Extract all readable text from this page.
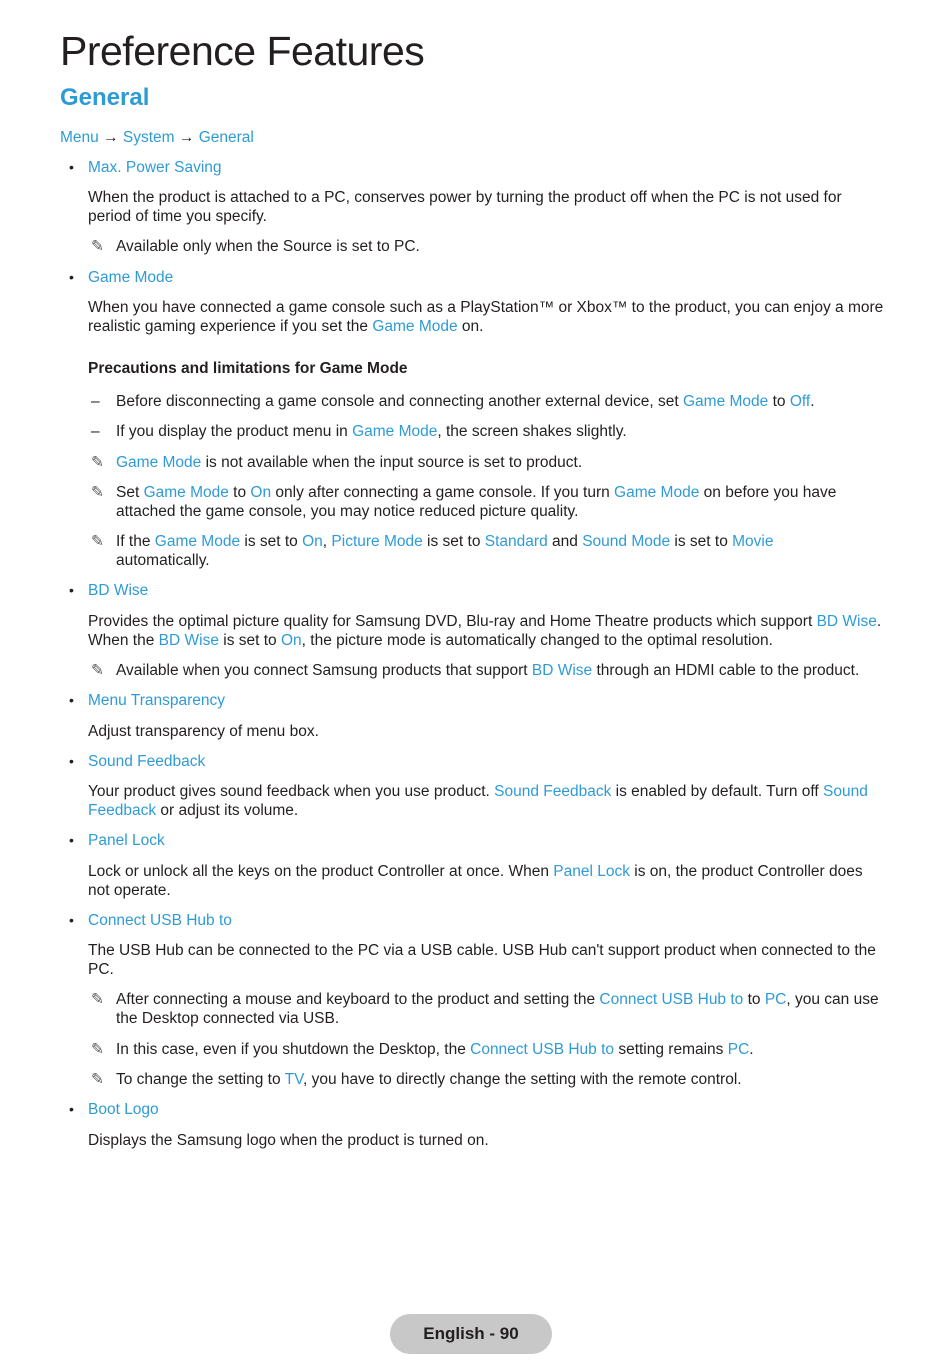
Preference Features
General
Menu → System → General
• Max. Power Saving

When the product is attached to a PC, conserves power by turning the product off when the PC is not used for period of time you specify.

✎ Available only when the Source is set to PC.

• Game Mode

When you have connected a game console such as a PlayStation™ or Xbox™ to the product, you can enjoy a more realistic gaming experience if you set the Game Mode on.

Precautions and limitations for Game Mode

– Before disconnecting a game console and connecting another external device, set Game Mode to Off.

– If you display the product menu in Game Mode, the screen shakes slightly.

✎ Game Mode is not available when the input source is set to product.

✎ Set Game Mode to On only after connecting a game console. If you turn Game Mode on before you have attached the game console, you may notice reduced picture quality.

✎ If the Game Mode is set to On, Picture Mode is set to Standard and Sound Mode is set to Movie
automatically.

• BD Wise

Provides the optimal picture quality for Samsung DVD, Blu-ray and Home Theatre products which support BD Wise. When the BD Wise is set to On, the picture mode is automatically changed to the optimal resolution.

✎ Available when you connect Samsung products that support BD Wise through an HDMI cable to the product.

• Menu Transparency

Adjust transparency of menu box.

• Sound Feedback

Your product gives sound feedback when you use product. Sound Feedback is enabled by default. Turn off Sound Feedback or adjust its volume.

• Panel Lock

Lock or unlock all the keys on the product Controller at once. When Panel Lock is on, the product Controller does not operate.

• Connect USB Hub to

The USB Hub can be connected to the PC via a USB cable. USB Hub can't support product when connected to the PC.

✎ After connecting a mouse and keyboard to the product and setting the Connect USB Hub to to PC, you can use the Desktop connected via USB.

✎ In this case, even if you shutdown the Desktop, the Connect USB Hub to setting remains PC.

✎ To change the setting to TV, you have to directly change the setting with the remote control.

• Boot Logo

Displays the Samsung logo when the product is turned on.

English - 90
